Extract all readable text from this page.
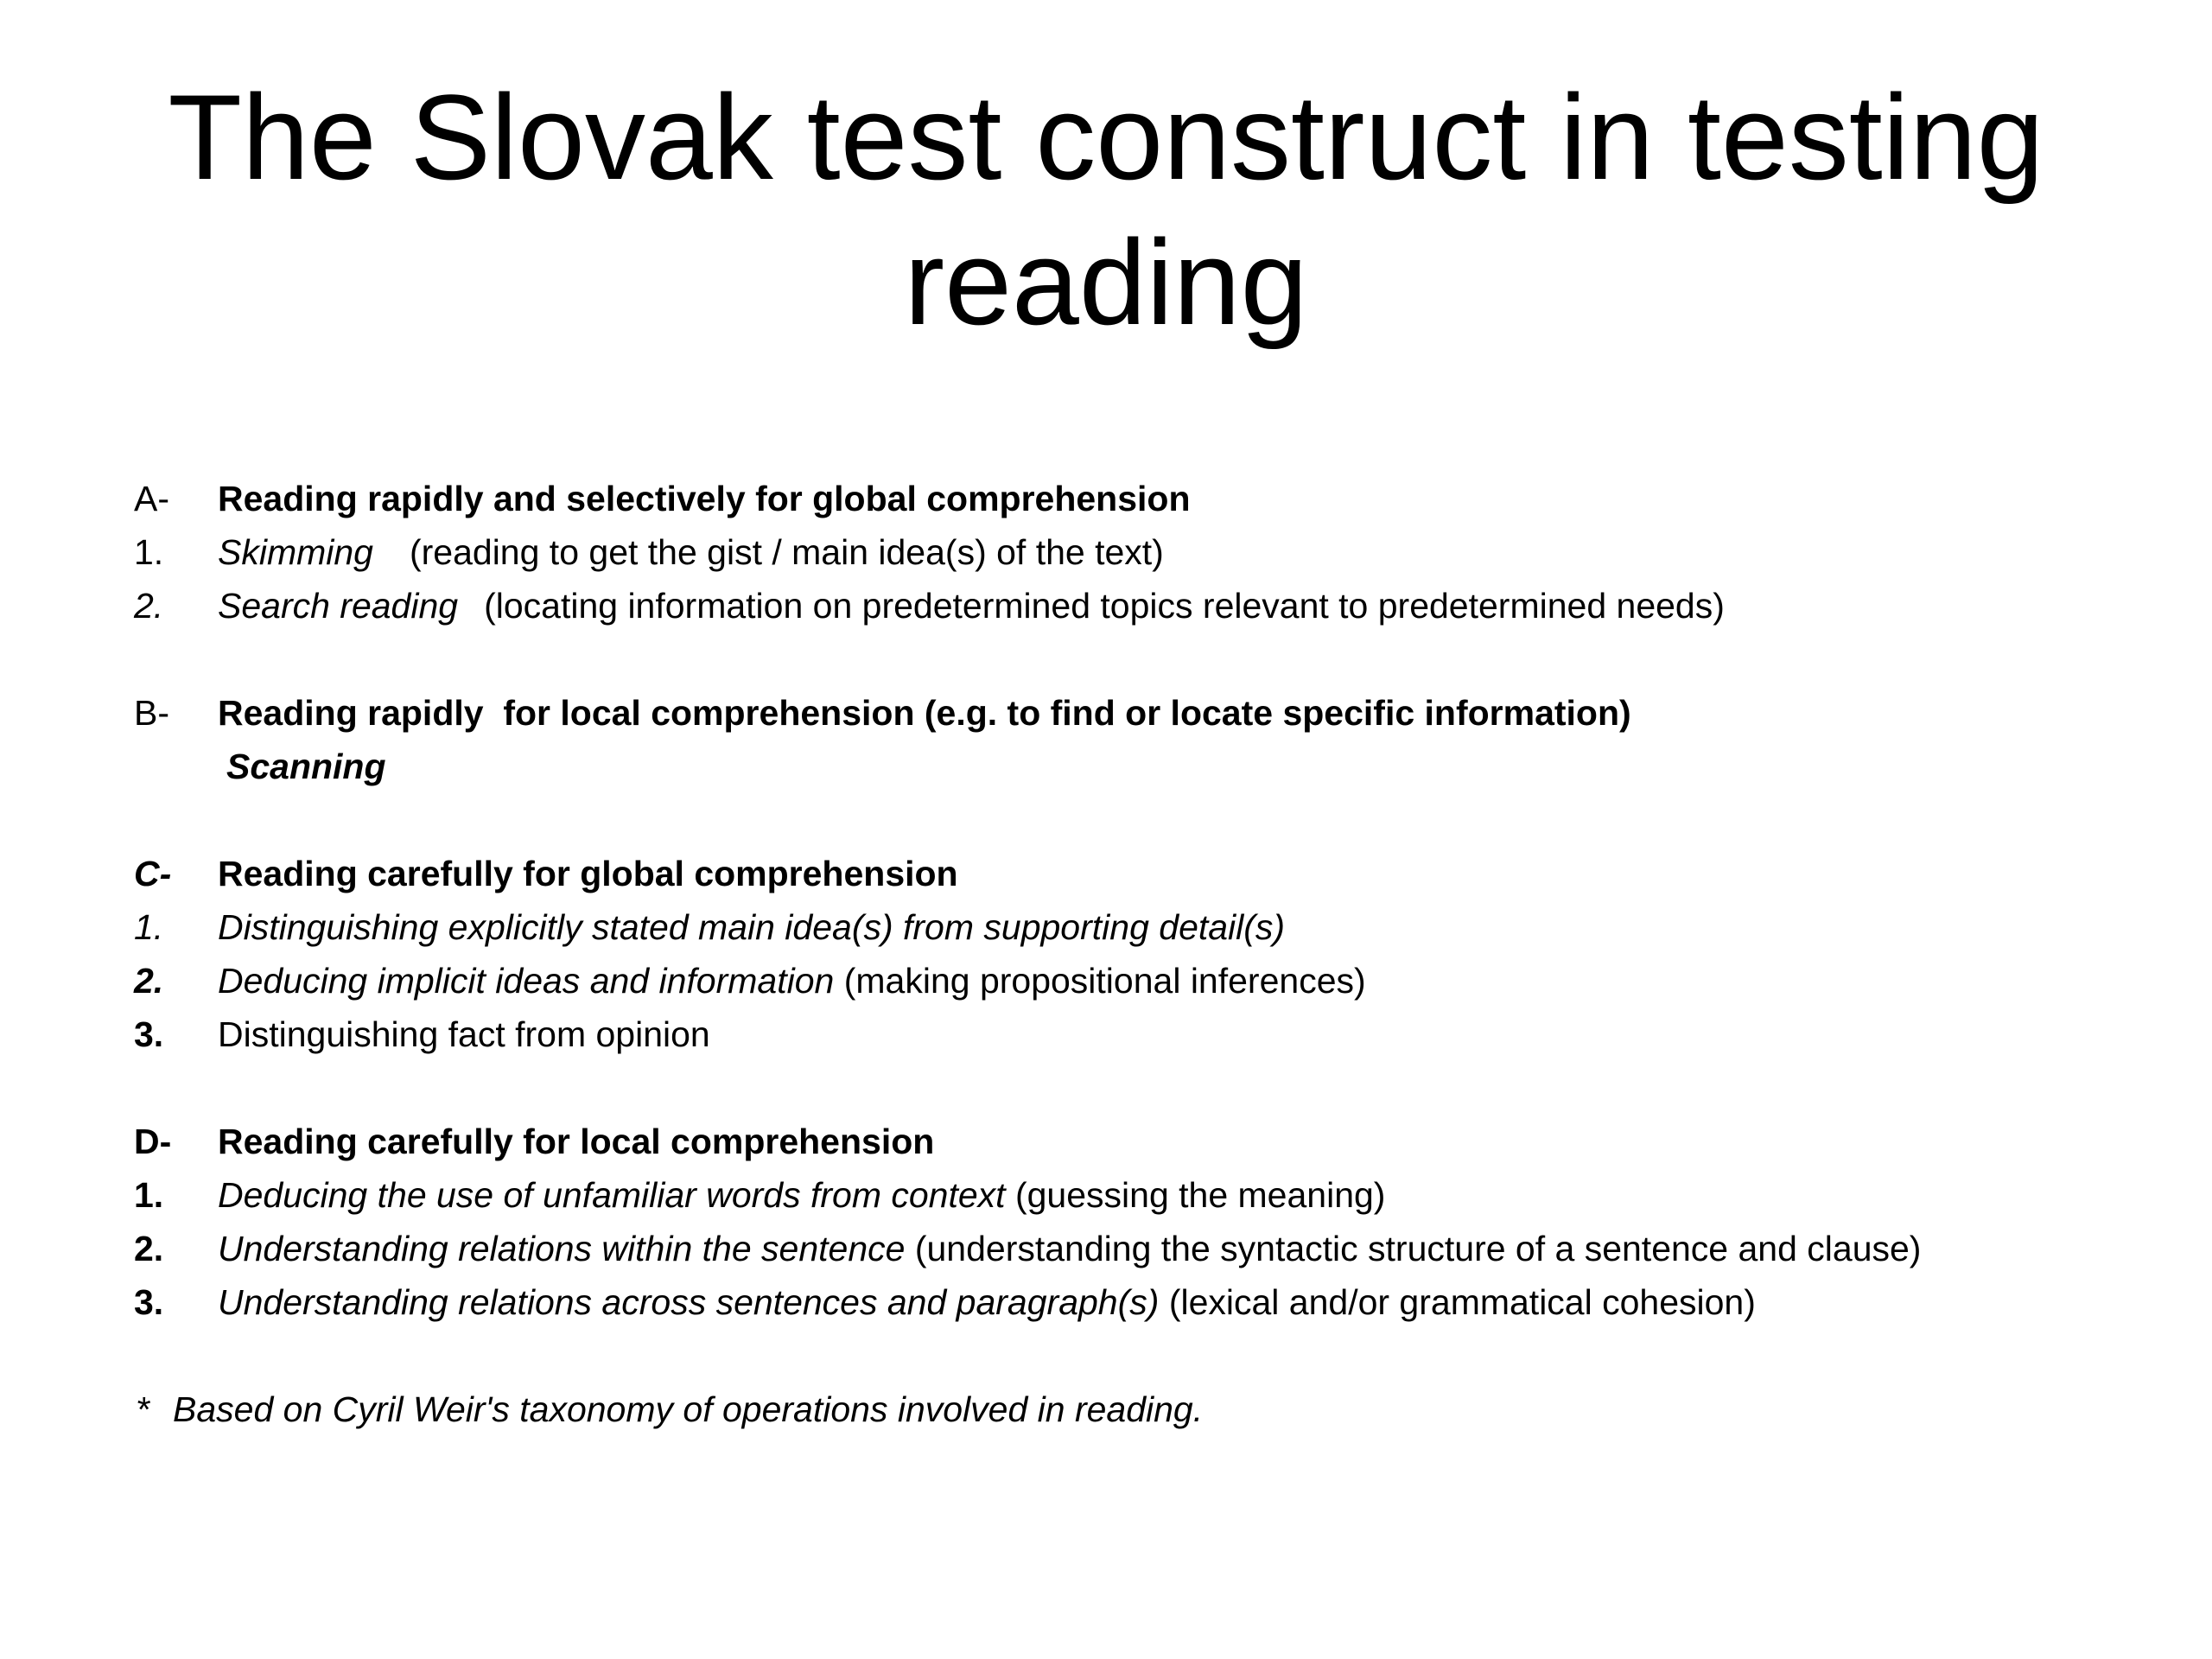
The Slovak test construct in testing
reading
A-	Reading rapidly and selectively for global comprehension
1.	Skimming (reading to get the gist / main idea(s) of the text)
2.	Search reading (locating information on predetermined topics relevant to predetermined needs)
B-	Reading rapidly  for local comprehension (e.g. to find or locate specific information)
Scanning
C-	Reading carefully for global comprehension
1.	Distinguishing explicitly stated main idea(s) from supporting detail(s)
2.	Deducing implicit ideas and information (making propositional inferences)
3.	Distinguishing fact from opinion
D-	Reading carefully for local comprehension
1.	Deducing the use of unfamiliar words from context (guessing the meaning)
2.	Understanding relations within the sentence (understanding the syntactic structure of a sentence and clause)
3.	Understanding relations across sentences and paragraph(s) (lexical and/or grammatical cohesion)
* Based on Cyril Weir's taxonomy of operations involved in reading.
